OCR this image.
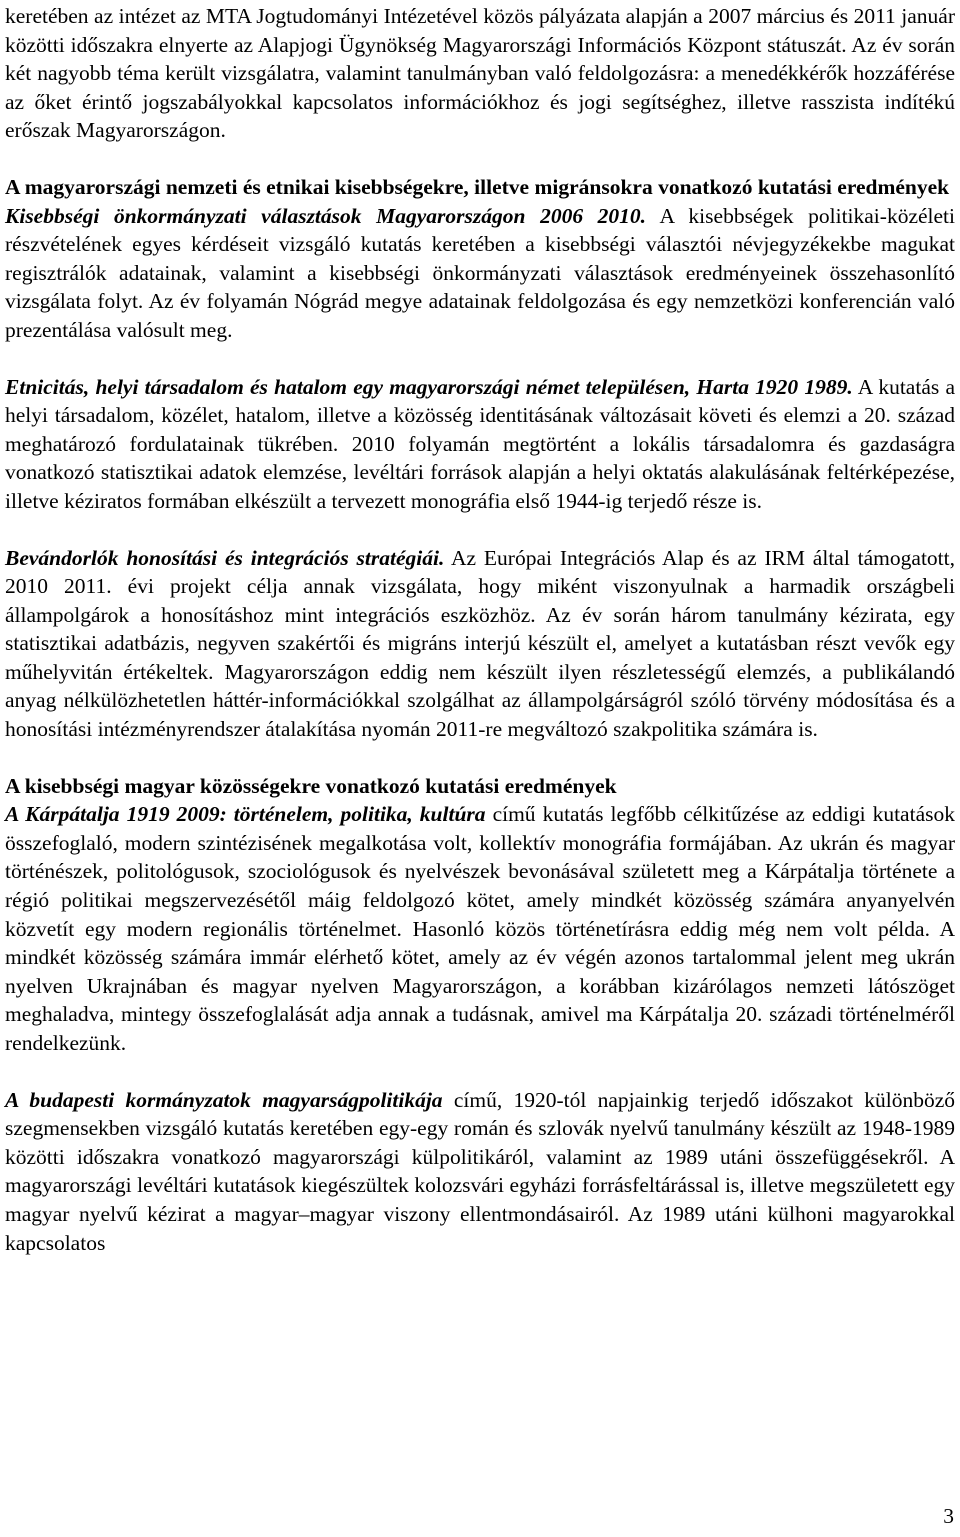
keretében az intézet az MTA Jogtudományi Intézetével közös pályázata alapján a 2007 március és 2011 január közötti időszakra elnyerte az Alapjogi Ügynökség Magyarországi Információs Központ státuszát. Az év során két nagyobb téma került vizsgálatra, valamint tanulmányban való feldolgozásra: a menedékkérők hozzáférése az őket érintő jogszabályokkal kapcsolatos információkhoz és jogi segítséghez, illetve rasszista indítékú erőszak Magyarországon.

A magyarországi nemzeti és etnikai kisebbségekre, illetve migránsokra vonatkozó kutatási eredmények

Kisebbségi önkormányzati választások Magyarországon 2006 2010. A kisebbségek politikai-közéleti részvételének egyes kérdéseit vizsgáló kutatás keretében a kisebbségi választói névjegyzékekbe magukat regisztrálók adatainak, valamint a kisebbségi önkormányzati választások eredményeinek összehasonlító vizsgálata folyt. Az év folyamán Nógrád megye adatainak feldolgozása és egy nemzetközi konferencián való prezentálása valósult meg.

Etnicitás, helyi társadalom és hatalom egy magyarországi német településen, Harta 1920 1989. A kutatás a helyi társadalom, közélet, hatalom, illetve a közösség identitásának változásait követi és elemzi a 20. század meghatározó fordulatainak tükrében. 2010 folyamán megtörtént a lokális társadalomra és gazdaságra vonatkozó statisztikai adatok elemzése, levéltári források alapján a helyi oktatás alakulásának feltérképezése, illetve kéziratos formában elkészült a tervezett monográfia első 1944-ig terjedő része is.

Bevándorlók honosítási és integrációs stratégiái. Az Európai Integrációs Alap és az IRM által támogatott, 2010 2011. évi projekt célja annak vizsgálata, hogy miként viszonyulnak a harmadik országbeli állampolgárok a honosításhoz mint integrációs eszközhöz. Az év során három tanulmány kézirata, egy statisztikai adatbázis, negyven szakértői és migráns interjú készült el, amelyet a kutatásban részt vevők egy műhelyvitán értékeltek. Magyarországon eddig nem készült ilyen részletességű elemzés, a publikálandó anyag nélkülözhetetlen háttér-információkkal szolgálhat az állampolgárságról szóló törvény módosítása és a honosítási intézményrendszer átalakítása nyomán 2011-re megváltozó szakpolitika számára is.

A kisebbségi magyar közösségekre vonatkozó kutatási eredmények

A Kárpátalja 1919 2009: történelem, politika, kultúra című kutatás legfőbb célkitűzése az eddigi kutatások összefoglaló, modern szintézisének megalkotása volt, kollektív monográfia formájában. Az ukrán és magyar történészek, politológusok, szociológusok és nyelvészek bevonásával született meg a Kárpátalja története a régió politikai megszervezésétől máig feldolgozó kötet, amely mindkét közösség számára anyanyelvén közvetít egy modern regionális történelmet. Hasonló közös történetírásra eddig még nem volt példa. A mindkét közösség számára immár elérhető kötet, amely az év végén azonos tartalommal jelent meg ukrán nyelven Ukrajnában és magyar nyelven Magyarországon, a korábban kizárólagos nemzeti látószöget meghaladva, mintegy összefoglalását adja annak a tudásnak, amivel ma Kárpátalja 20. századi történelméről rendelkezünk.

A budapesti kormányzatok magyarságpolitikája című, 1920-tól napjainkig terjedő időszakot különböző szegmensekben vizsgáló kutatás keretében egy-egy román és szlovák nyelvű tanulmány készült az 1948-1989 közötti időszakra vonatkozó magyarországi külpolitikáról, valamint az 1989 utáni összefüggésekről. A magyarországi levéltári kutatások kiegészültek kolozsvári egyházi forrásfeltárással is, illetve megszületett egy magyar nyelvű kézirat a magyar–magyar viszony ellentmondásairól. Az 1989 utáni külhoni magyarokkal kapcsolatos

3
